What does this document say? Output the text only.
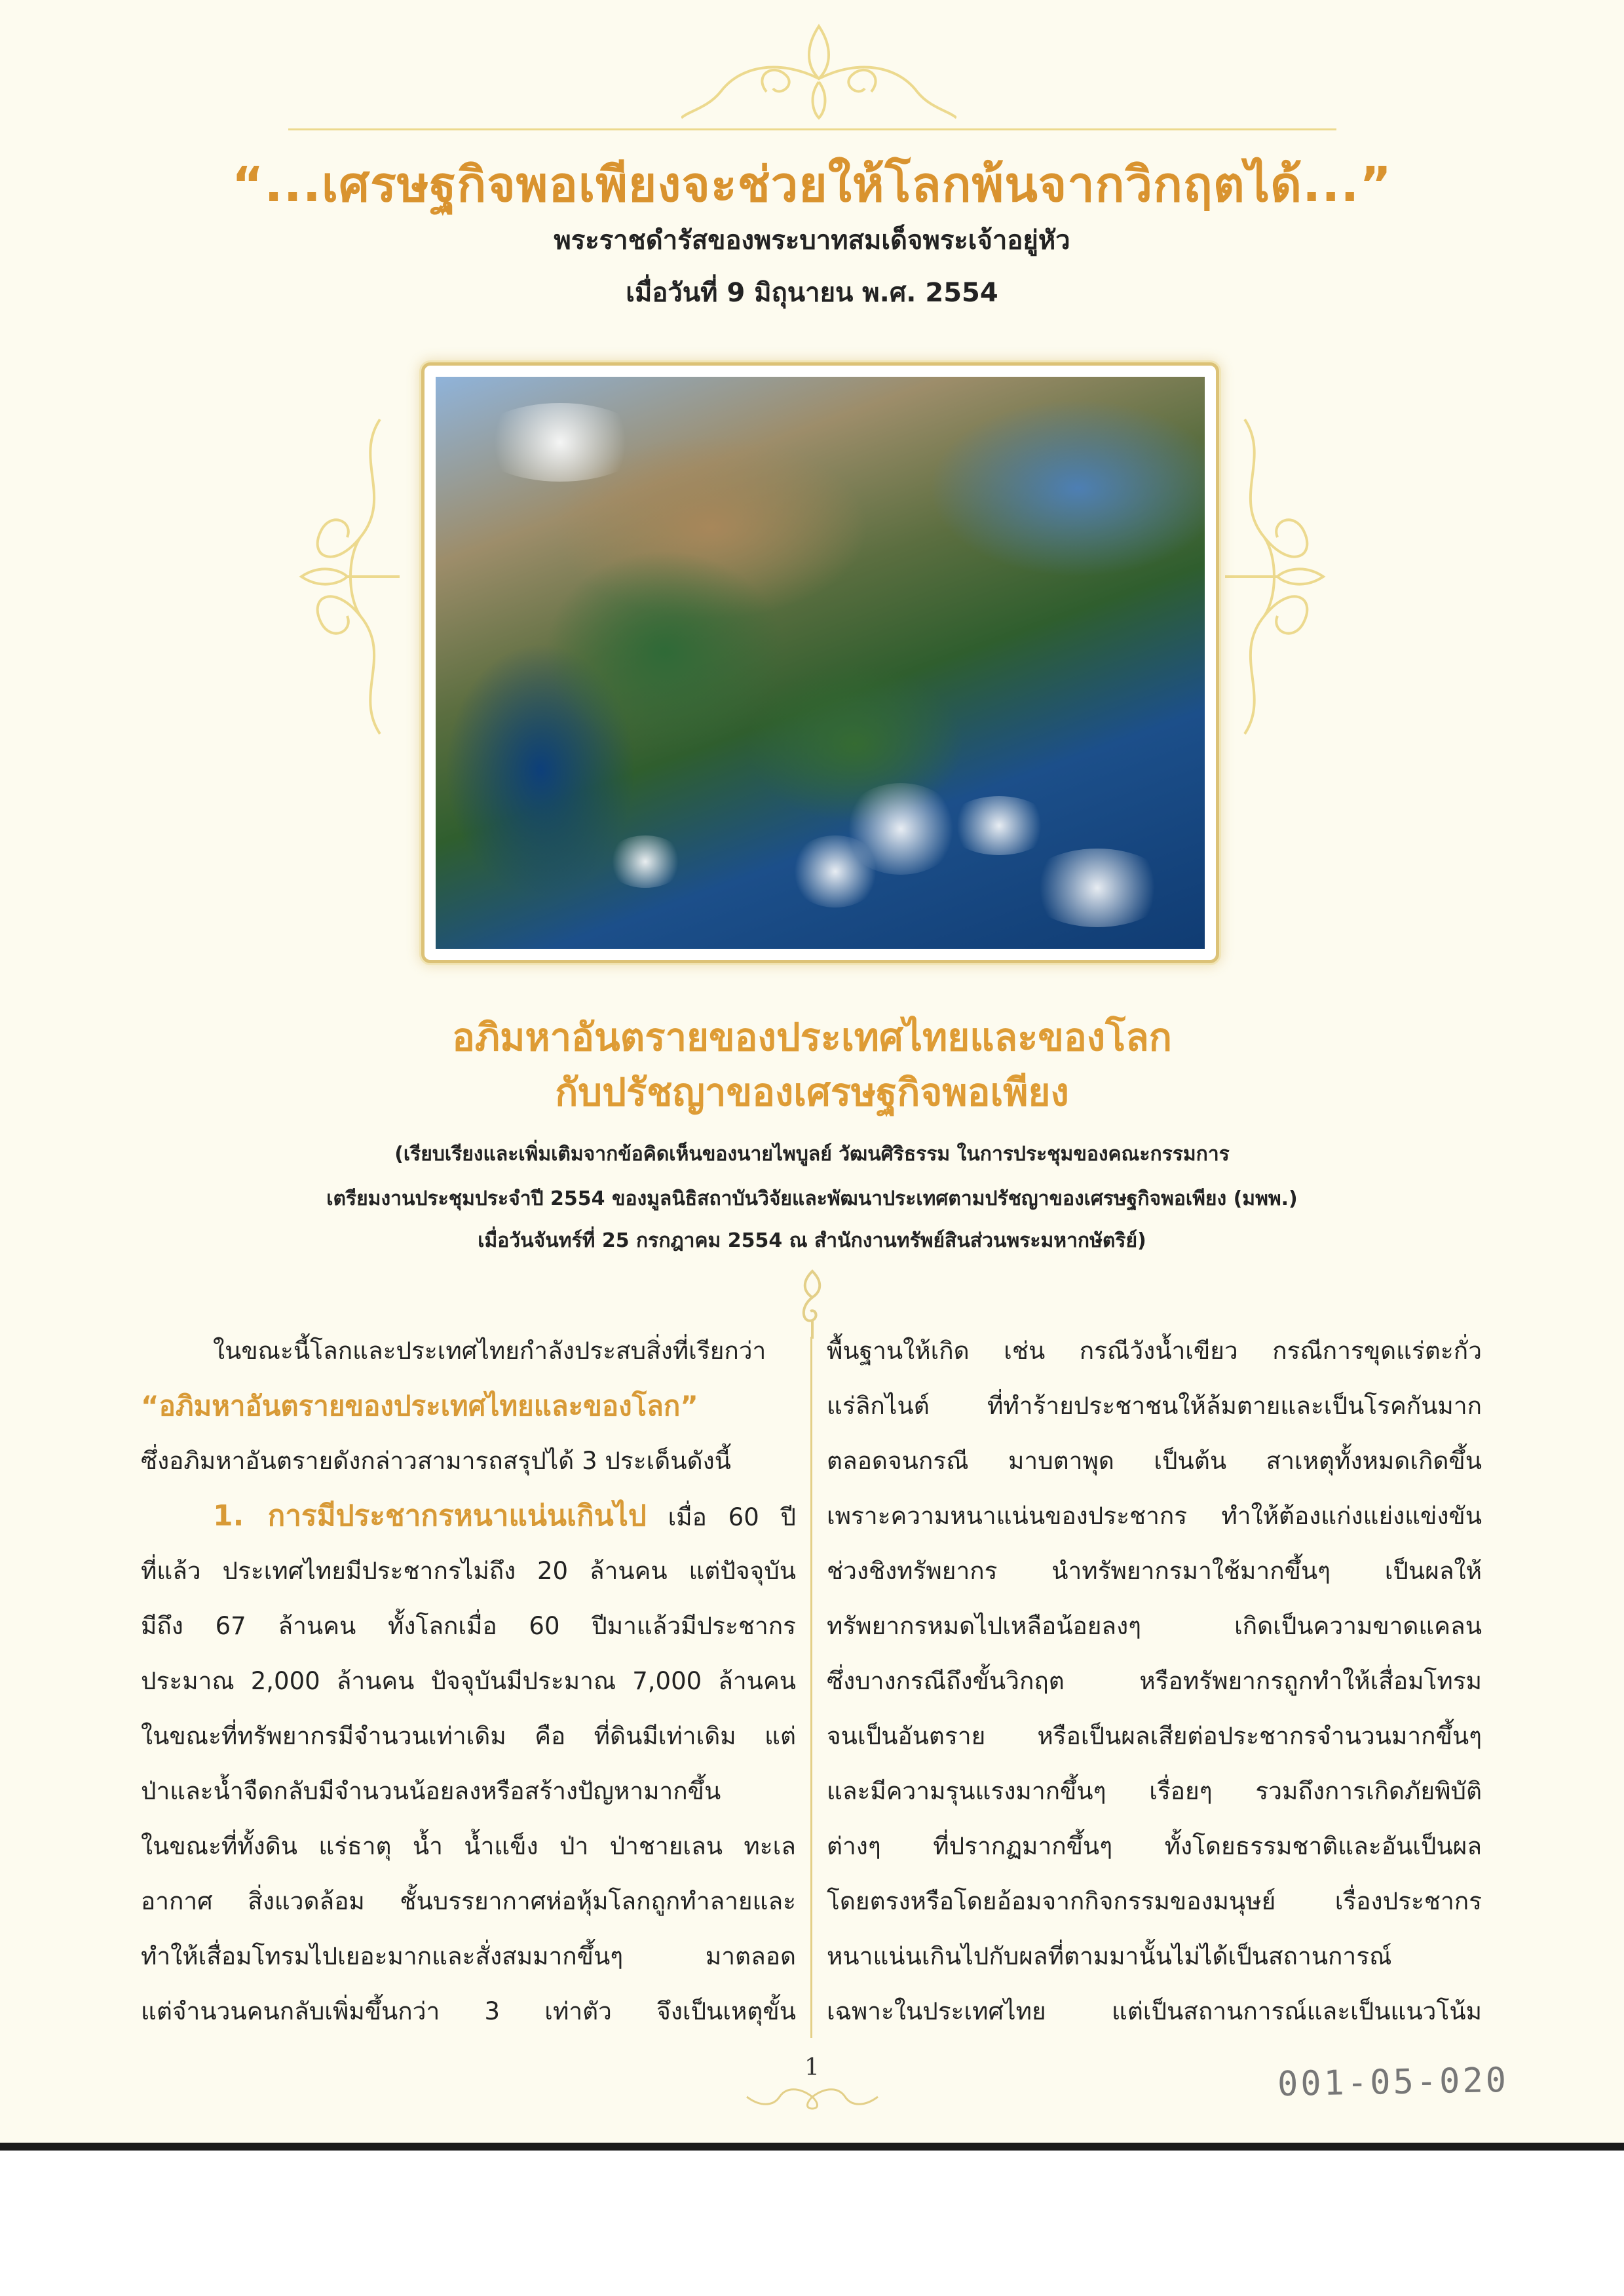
“...เศรษฐกิจพอเพียงจะช่วยให้โลกพ้นจากวิกฤตได้...”
พระราชดำรัสของพระบาทสมเด็จพระเจ้าอยู่หัว
เมื่อวันที่ 9 มิถุนายน พ.ศ. 2554
อภิมหาอันตรายของประเทศไทยและของโลก
กับปรัชญาของเศรษฐกิจพอเพียง
(เรียบเรียงและเพิ่มเติมจากข้อคิดเห็นของนายไพบูลย์ วัฒนศิริธรรม ในการประชุมของคณะกรรมการ
เตรียมงานประชุมประจำปี 2554 ของมูลนิธิสถาบันวิจัยและพัฒนาประเทศตามปรัชญาของเศรษฐกิจพอเพียง (มพพ.)
เมื่อวันจันทร์ที่ 25 กรกฎาคม 2554 ณ สำนักงานทรัพย์สินส่วนพระมหากษัตริย์)
ในขณะนี้โลกและประเทศไทยกำลังประสบสิ่งที่เรียกว่า
“อภิมหาอันตรายของประเทศไทยและของโลก”
ซึ่งอภิมหาอันตรายดังกล่าวสามารถสรุปได้ 3 ประเด็นดังนี้
1. การมีประชากรหนาแน่นเกินไป เมื่อ 60 ปี
ที่แล้ว ประเทศไทยมีประชากรไม่ถึง 20 ล้านคน แต่ปัจจุบัน
มีถึง 67 ล้านคน ทั้งโลกเมื่อ 60 ปีมาแล้วมีประชากร
ประมาณ 2,000 ล้านคน ปัจจุบันมีประมาณ 7,000 ล้านคน
ในขณะที่ทรัพยากรมีจำนวนเท่าเดิม คือ ที่ดินมีเท่าเดิม แต่
ป่าและน้ำจืดกลับมีจำนวนน้อยลงหรือสร้างปัญหามากขึ้น
ในขณะที่ทั้งดิน แร่ธาตุ น้ำ น้ำแข็ง ป่า ป่าชายเลน ทะเล
อากาศ สิ่งแวดล้อม ชั้นบรรยากาศห่อหุ้มโลกถูกทำลายและ
ทำให้เสื่อมโทรมไปเยอะมากและสั่งสมมากขึ้นๆ มาตลอด
แต่จำนวนคนกลับเพิ่มขึ้นกว่า 3 เท่าตัว จึงเป็นเหตุขั้น
พื้นฐานให้เกิด เช่น กรณีวังน้ำเขียว กรณีการขุดแร่ตะกั่ว
แร่ลิกไนต์ ที่ทำร้ายประชาชนให้ล้มตายและเป็นโรคกันมาก
ตลอดจนกรณี มาบตาพุด เป็นต้น สาเหตุทั้งหมดเกิดขึ้น
เพราะความหนาแน่นของประชากร ทำให้ต้องแก่งแย่งแข่งขัน
ช่วงชิงทรัพยากร นำทรัพยากรมาใช้มากขึ้นๆ เป็นผลให้
ทรัพยากรหมดไปเหลือน้อยลงๆ เกิดเป็นความขาดแคลน
ซึ่งบางกรณีถึงขั้นวิกฤต หรือทรัพยากรถูกทำให้เสื่อมโทรม
จนเป็นอันตราย หรือเป็นผลเสียต่อประชากรจำนวนมากขึ้นๆ
และมีความรุนแรงมากขึ้นๆ เรื่อยๆ รวมถึงการเกิดภัยพิบัติ
ต่างๆ ที่ปรากฏมากขึ้นๆ ทั้งโดยธรรมชาติและอันเป็นผล
โดยตรงหรือโดยอ้อมจากกิจกรรมของมนุษย์ เรื่องประชากร
หนาแน่นเกินไปกับผลที่ตามมานั้นไม่ได้เป็นสถานการณ์
เฉพาะในประเทศไทย แต่เป็นสถานการณ์และเป็นแนวโน้ม
1	001-05-020
